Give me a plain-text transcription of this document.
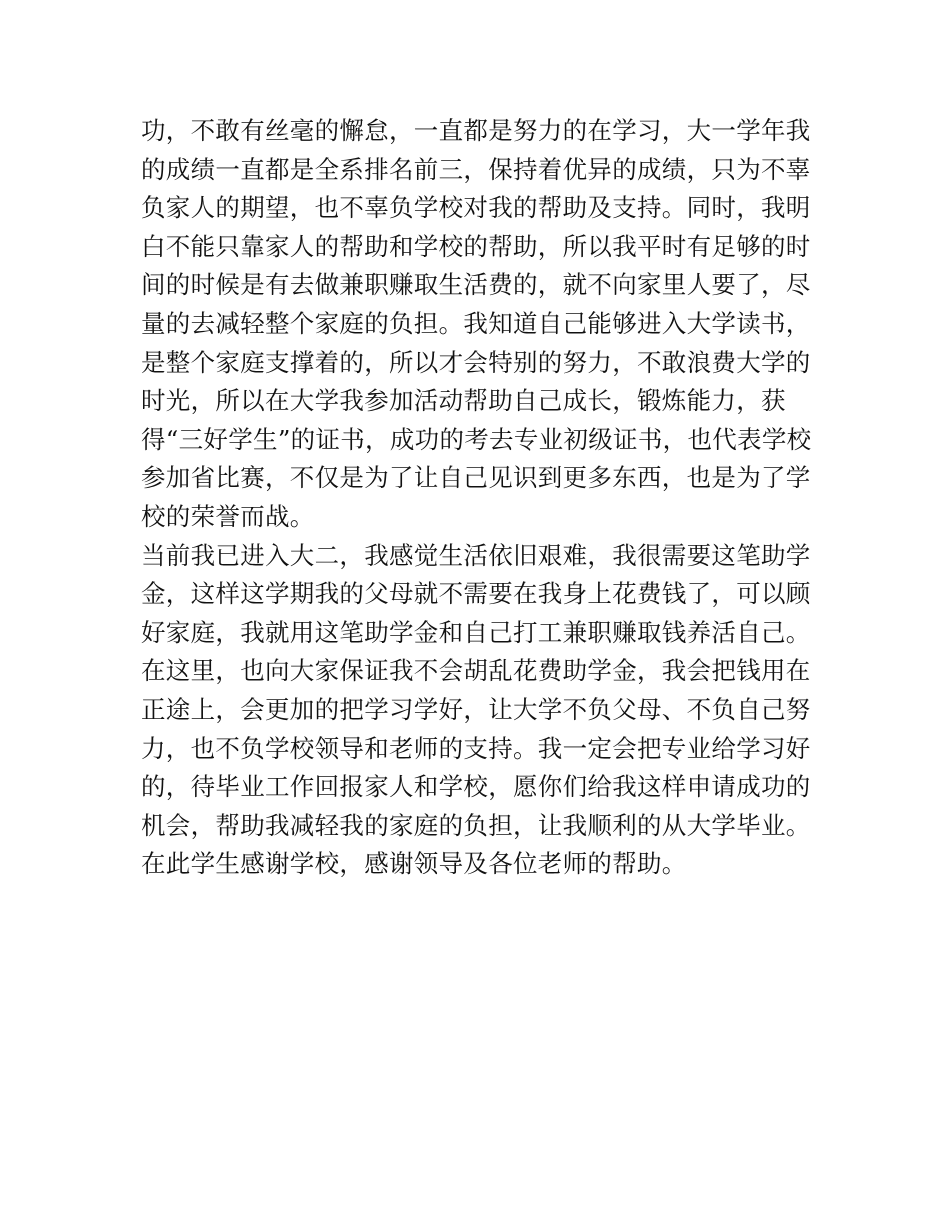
功，不敢有丝毫的懈怠，一直都是努力的在学习，大一学年我
的成绩一直都是全系排名前三，保持着优异的成绩，只为不辜
负家人的期望，也不辜负学校对我的帮助及支持。同时，我明
白不能只靠家人的帮助和学校的帮助，所以我平时有足够的时
间的时候是有去做兼职赚取生活费的，就不向家里人要了，尽
量的去减轻整个家庭的负担。我知道自己能够进入大学读书，
是整个家庭支撑着的，所以才会特别的努力，不敢浪费大学的
时光，所以在大学我参加活动帮助自己成长，锻炼能力，获
得“三好学生”的证书，成功的考去专业初级证书，也代表学校
参加省比赛，不仅是为了让自己见识到更多东西，也是为了学
校的荣誉而战。
当前我已进入大二，我感觉生活依旧艰难，我很需要这笔助学
金，这样这学期我的父母就不需要在我身上花费钱了，可以顾
好家庭，我就用这笔助学金和自己打工兼职赚取钱养活自己。
在这里，也向大家保证我不会胡乱花费助学金，我会把钱用在
正途上，会更加的把学习学好，让大学不负父母、不负自己努
力，也不负学校领导和老师的支持。我一定会把专业给学习好
的，待毕业工作回报家人和学校，愿你们给我这样申请成功的
机会，帮助我减轻我的家庭的负担，让我顺利的从大学毕业。
在此学生感谢学校，感谢领导及各位老师的帮助。
